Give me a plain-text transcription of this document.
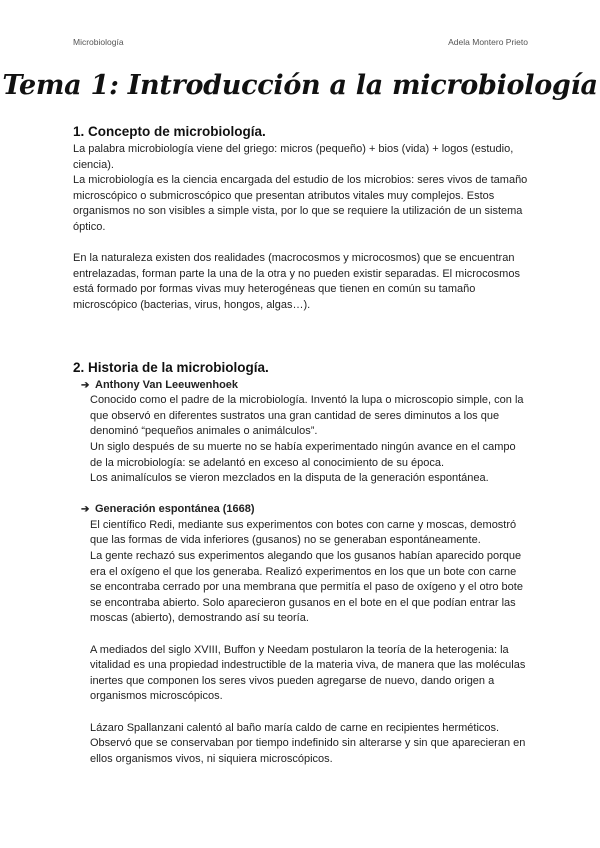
Microbiología	Adela Montero Prieto
Tema 1: Introducción a la microbiología
1. Concepto de microbiología.

La palabra microbiología viene del griego: micros (pequeño) + bios (vida) + logos (estudio, ciencia).

La microbiología es la ciencia encargada del estudio de los microbios: seres vivos de tamaño microscópico o submicroscópico que presentan atributos vitales muy complejos. Estos organismos no son visibles a simple vista, por lo que se requiere la utilización de un sistema óptico.

En la naturaleza existen dos realidades (macrocosmos y microcosmos) que se encuentran entrelazadas, forman parte la una de la otra y no pueden existir separadas. El microcosmos está formado por formas vivas muy heterogéneas que tienen en común su tamaño microscópico (bacterias, virus, hongos, algas…).

2. Historia de la microbiología.
➔ Anthony Van Leeuwenhoek

Conocido como el padre de la microbiología. Inventó la lupa o microscopio simple, con la que observó en diferentes sustratos una gran cantidad de seres diminutos a los que denominó “pequeños animales o animálculos”.

Un siglo después de su muerte no se había experimentado ningún avance en el campo de la microbiología: se adelantó en exceso al conocimiento de su época.

Los animalículos se vieron mezclados en la disputa de la generación espontánea.

➔ Generación espontánea (1668)

El científico Redi, mediante sus experimentos con botes con carne y moscas, demostró que las formas de vida inferiores (gusanos) no se generaban espontáneamente.

La gente rechazó sus experimentos alegando que los gusanos habían aparecido porque era el oxígeno el que los generaba. Realizó experimentos en los que un bote con carne se encontraba cerrado por una membrana que permitía el paso de oxígeno y el otro bote se encontraba abierto. Solo aparecieron gusanos en el bote en el que podían entrar las moscas (abierto), demostrando así su teoría.

A mediados del siglo XVIII, Buffon y Needam postularon la teoría de la heterogenia: la vitalidad es una propiedad indestructible de la materia viva, de manera que las moléculas inertes que componen los seres vivos pueden agregarse de nuevo, dando origen a organismos microscópicos.

Lázaro Spallanzani calentó al baño maría caldo de carne en recipientes herméticos. Observó que se conservaban por tiempo indefinido sin alterarse y sin que aparecieran en ellos organismos vivos, ni siquiera microscópicos.
